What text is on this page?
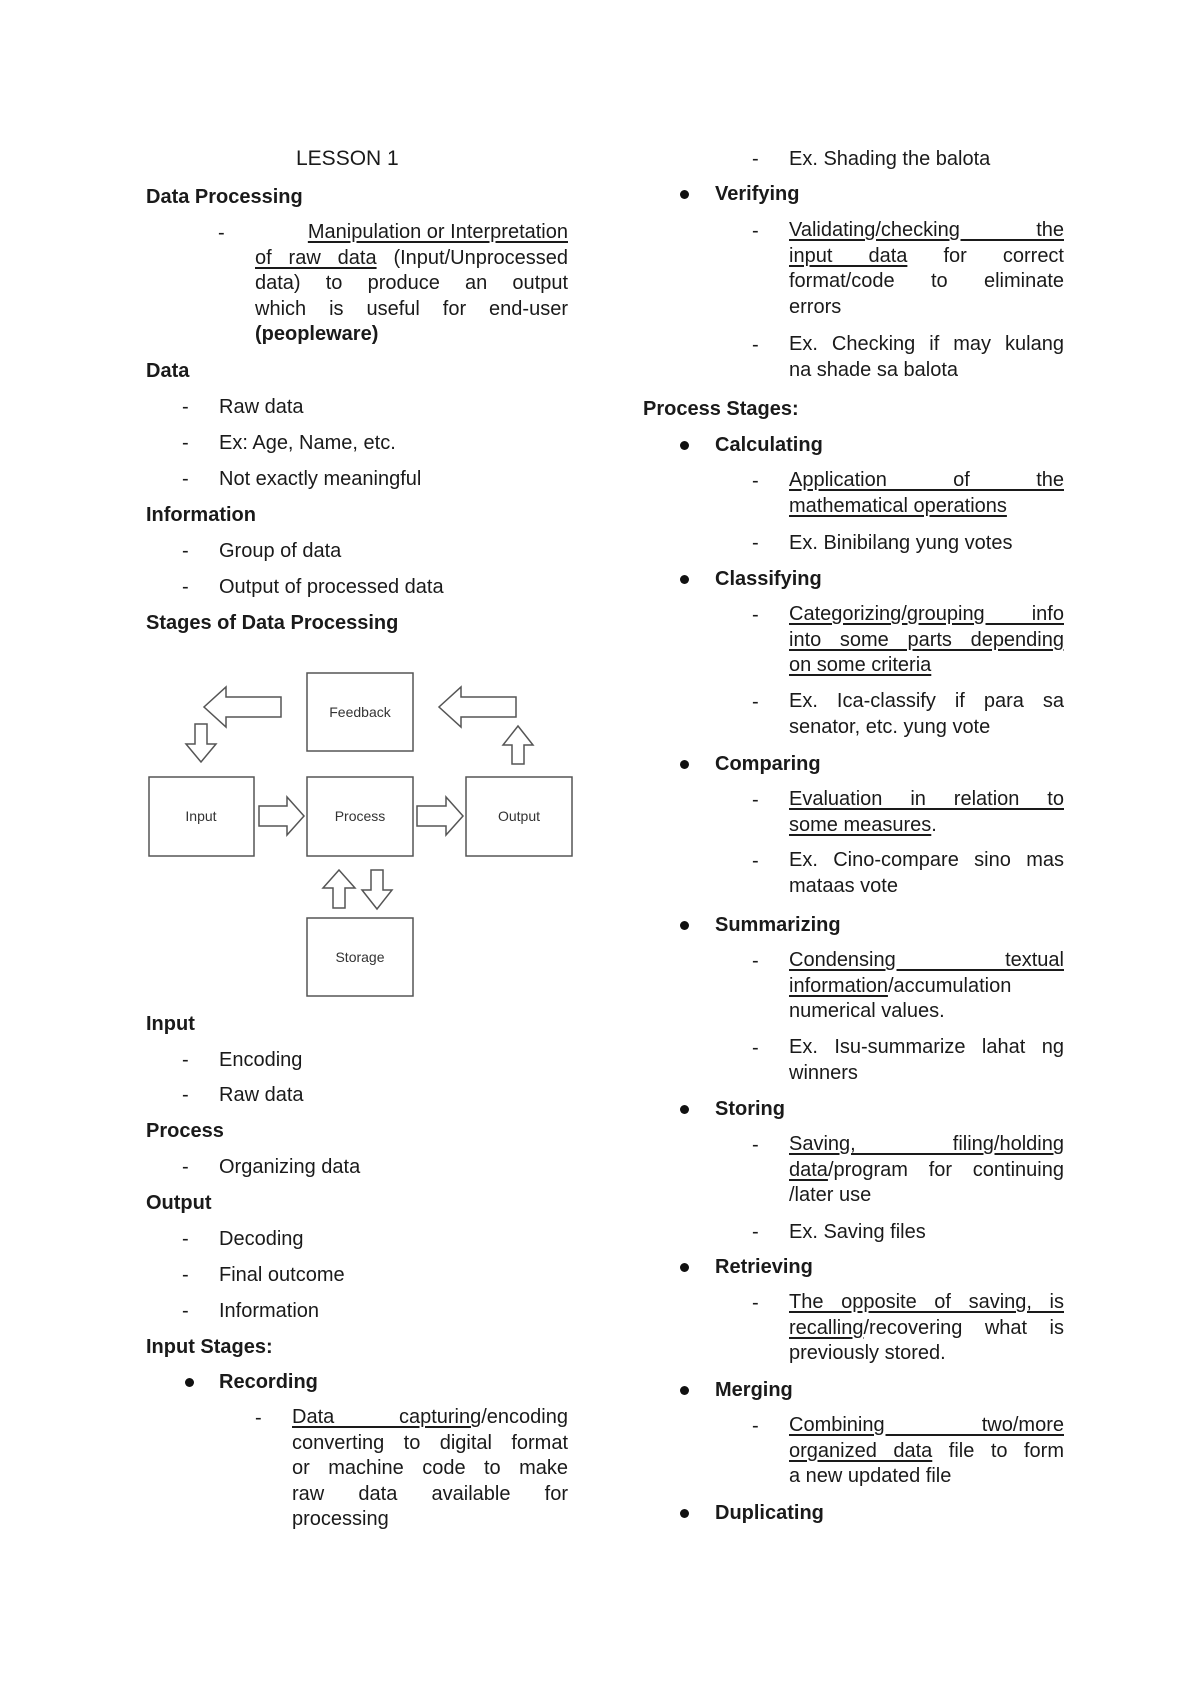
LESSON 1
Data Processing
-	Manipulation or Interpretation
of raw data (Input/Unprocessed
data) to produce an output
which is useful for end-user
(peopleware)
Data
- Raw data
- Ex: Age, Name, etc.
- Not exactly meaningful
Information
- Group of data
- Output of processed data
Stages of Data Processing
Feedback
Input	Process	Output
Storage
Input
- Encoding
- Raw data
Process
- Organizing data
Output
- Decoding
- Final outcome
- Information
Input Stages:
Recording
- Data capturing/encoding
converting to digital format
or machine code to make
raw data available for
processing
- Ex. Shading the balota
Verifying
- Validating/checking the
input data for correct
format/code to eliminate
errors
- Ex. Checking if may kulang
na shade sa balota
Process Stages:
Calculating
- Application of the
mathematical operations
- Ex. Binibilang yung votes
Classifying
- Categorizing/grouping info
into some parts depending
on some criteria
- Ex. Ica-classify if para sa
senator, etc. yung vote
Comparing
- Evaluation in relation to
some measures.
- Ex. Cino-compare sino mas
mataas vote
Summarizing
- Condensing textual
information/accumulation
numerical values.
- Ex. Isu-summarize lahat ng
winners
Storing
- Saving, filing/holding
data/program for continuing
/later use
- Ex. Saving files
Retrieving
- The opposite of saving, is
recalling/recovering what is
previously stored.
Merging
- Combining two/more
organized data file to form
a new updated file
Duplicating
